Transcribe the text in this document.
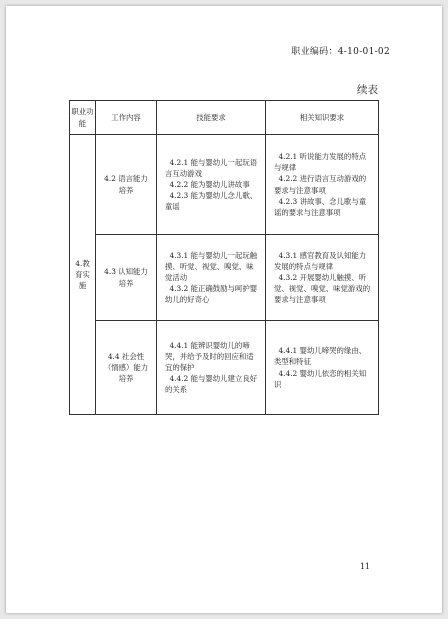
职业编码：4-10-01-02
续表
职业功能	工作内容	技能要求	相关知识要求
4.教育实施	4.2 语言能力培养	4.2.1 能与婴幼儿一起玩语言互动游戏
4.2.2 能为婴幼儿讲故事
4.2.3 能为婴幼儿念儿歌、童谣	4.2.1 听说能力发展的特点与规律
4.2.2 进行语言互动游戏的要求与注意事项
4.2.3 讲故事、念儿歌与童谣的要求与注意事项

	4.3 认知能力培养	4.3.1 能与婴幼儿一起玩触摸、听觉、视觉、嗅觉、味觉活动
4.3.2 能正确鼓励与呵护婴幼儿的好奇心	4.3.1 感官教育及认知能力发展的特点与规律
4.3.2 开展婴幼儿触摸、听觉、视觉、嗅觉、味觉游戏的要求与注意事项

	4.4 社会性（情感）能力培养	4.4.1 能辨识婴幼儿的啼哭，并给予及时的回应和适宜的保护
4.4.2 能与婴幼儿建立良好的关系	4.4.1 婴幼儿啼哭的缘由、类型和特征
4.4.2 婴幼儿依恋的相关知识
11
